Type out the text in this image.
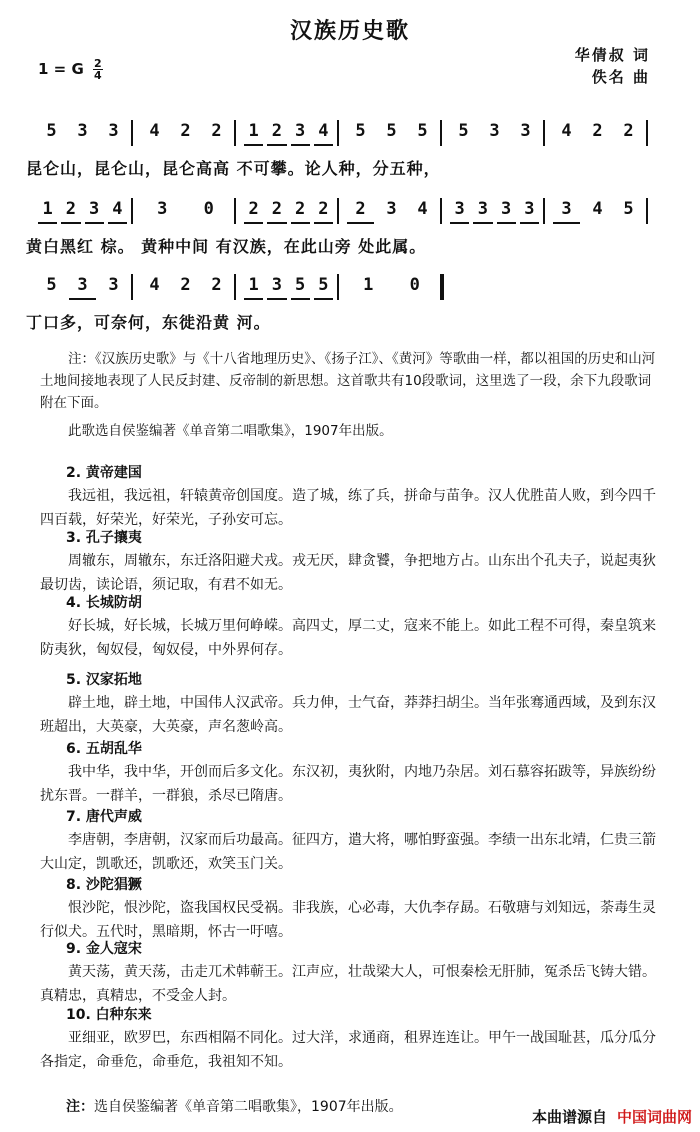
汉族历史歌
1 = G $\frac{2}{4}$
华倩叔 词
佚名 曲
5	3	3	4	2	2	1 2 3 4	5	5	5	5	3	3	4	2	2
昆仑山，昆仑山，昆仑高高 不可攀。论人种，分五种，
1 2 3 4	3	0	2 2 2 2	2	3	4	3 3 3 3	3	4	5
黄白黑红 棕。 黄种中间 有汉族，在此山旁 处此属。
5	3	3	4	2	2	1 3 5 5	1	0
丁口多，可奈何，东徙沿黄 河。
注：《汉族历史歌》与《十八省地理历史》、《扬子江》、《黄河》等歌曲一样，都以祖国的历史和山河土地间接地表现了人民反封建、反帝制的新思想。这首歌共有10段歌词，这里选了一段，余下九段歌词附在下面。
此歌选自侯鉴编著《单音第二唱歌集》，1907年出版。
2. 黄帝建国
我远祖，我远祖，轩辕黄帝创国度。造了城，练了兵，拼命与苗争。汉人优胜苗人败，到今四千四百载，好荣光，好荣光，子孙安可忘。
3. 孔子攘夷
周辙东，周辙东，东迁洛阳避犬戎。戎无厌，肆贪饕，争把地方占。山东出个孔夫子，说起夷狄最切齿，读论语，须记取，有君不如无。
4. 长城防胡
好长城，好长城，长城万里何峥嵘。高四丈，厚二丈，寇来不能上。如此工程不可得，秦皇筑来防夷狄，匈奴侵，匈奴侵，中外界何存。
5. 汉家拓地
辟土地，辟土地，中国伟人汉武帝。兵力伸，士气奋，莽莽扫胡尘。当年张骞通西域，及到东汉班超出，大英豪，大英豪，声名葱岭高。
6. 五胡乱华
我中华，我中华，开创而后多文化。东汉初，夷狄附，内地乃杂居。刘石慕容拓跋等，异族纷纷扰东晋。一群羊，一群狼，杀尽已隋唐。
7. 唐代声威
李唐朝，李唐朝，汉家而后功最高。征四方，遣大将，哪怕野蛮强。李绩一出东北靖，仁贵三箭大山定，凯歌还，凯歌还，欢笑玉门关。
8. 沙陀猖獗
恨沙陀，恨沙陀，盗我国权民受祸。非我族，心必毒，大仇李存勗。石敬瑭与刘知远，荼毒生灵行似犬。五代时，黑暗期，怀古一吁嘻。
9. 金人寇宋
黄天荡，黄天荡，击走兀术韩蕲王。江声应，壮哉梁大人，可恨秦桧无肝肺，冤杀岳飞铸大错。真精忠，真精忠，不受金人封。
10. 白种东来
亚细亚，欧罗巴，东西相隔不同化。过大洋，求通商，租界连连让。甲午一战国耻甚，瓜分瓜分各指定，命垂危，命垂危，我祖知不知。
注：选自侯鉴编著《单音第二唱歌集》，1907年出版。
本曲谱源自 中国词曲网
